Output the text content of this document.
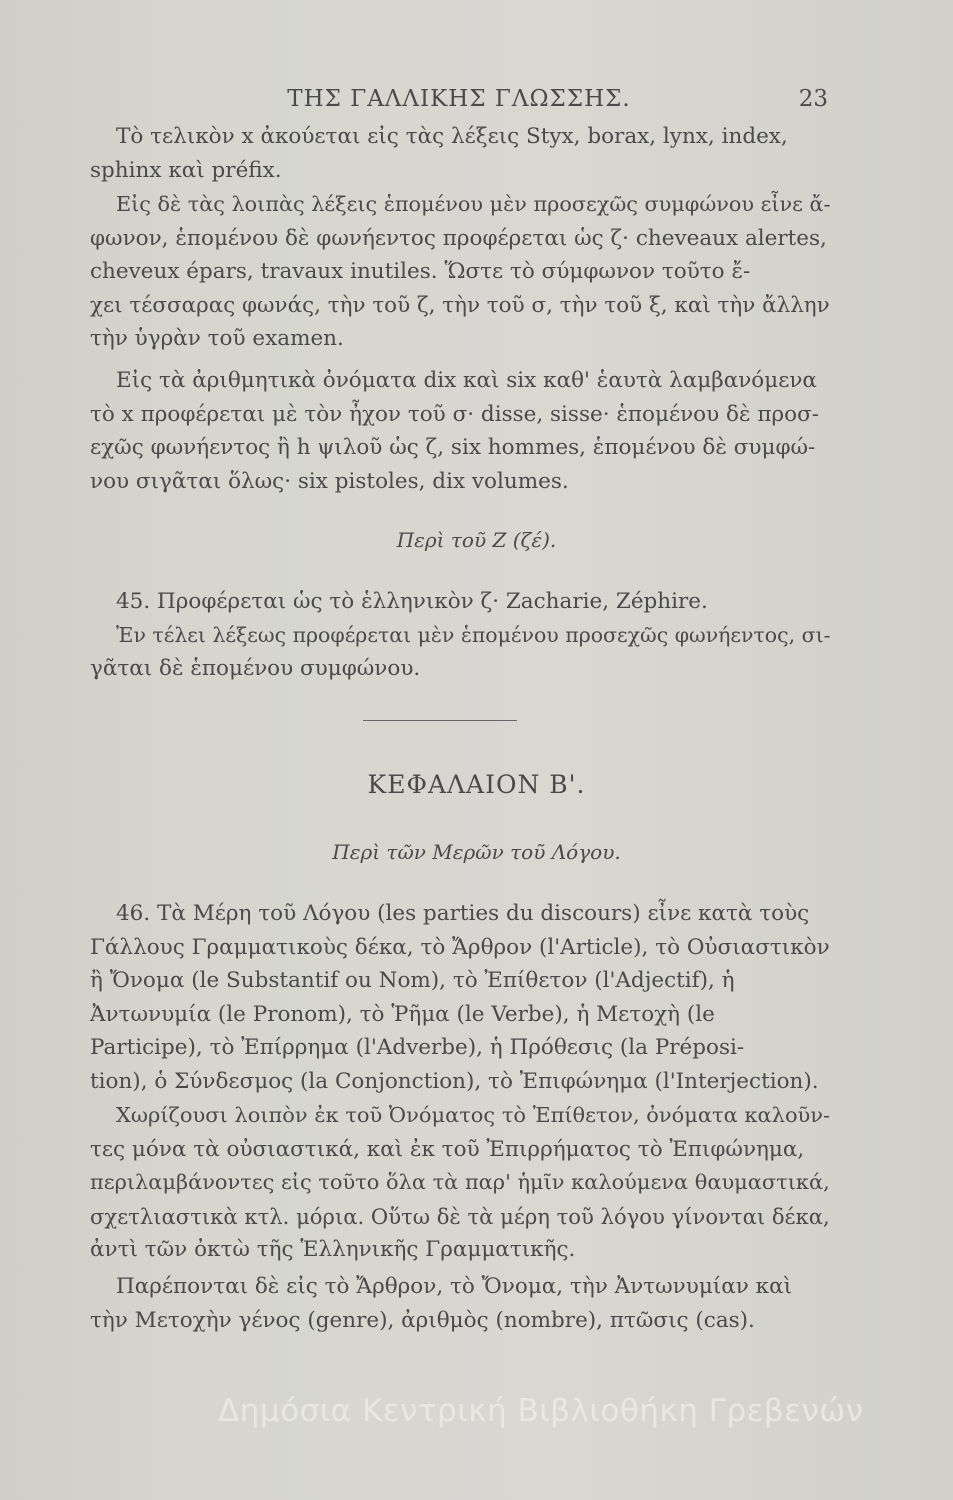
ΤΗΣ ΓΑΛΛΙΚΗΣ ΓΛΩΣΣΗΣ.	23
Τὸ τελικὸν x ἀκούεται εἰς τὰς λέξεις Styx, borax, lynx, index,
sphinx καὶ préfix.
Εἰς δὲ τὰς λοιπὰς λέξεις ἑπομένου μὲν προσεχῶς συμφώνου εἶνε ἄ-
φωνον, ἑπομένου δὲ φωνήεντος προφέρεται ὡς ζ· cheveaux alertes,
cheveux épars, travaux inutiles. Ὥστε τὸ σύμφωνον τοῦτο ἔ-
χει τέσσαρας φωνάς, τὴν τοῦ ζ, τὴν τοῦ σ, τὴν τοῦ ξ, καὶ τὴν ἄλλην
τὴν ὑγρὰν τοῦ examen.
Εἰς τὰ ἀριθμητικὰ ὀνόματα dix καὶ six καθ' ἑαυτὰ λαμβανόμενα
τὸ x προφέρεται μὲ τὸν ἦχον τοῦ σ· disse, sisse· ἑπομένου δὲ προσ-
εχῶς φωνήεντος ἢ h ψιλοῦ ὡς ζ, six hommes, ἑπομένου δὲ συμφώ-
νου σιγᾶται ὅλως· six pistoles, dix volumes.
Περὶ τοῦ Ζ (ζέ).
45. Προφέρεται ὡς τὸ ἑλληνικὸν ζ· Zacharie, Zéphire.
Ἐν τέλει λέξεως προφέρεται μὲν ἑπομένου προσεχῶς φωνήεντος, σι-
γᾶται δὲ ἑπομένου συμφώνου.
ΚΕΦΑΛΑΙΟΝ Β'.
Περὶ τῶν Μερῶν τοῦ Λόγου.
46. Τὰ Μέρη τοῦ Λόγου (les parties du discours) εἶνε κατὰ τοὺς
Γάλλους Γραμματικοὺς δέκα, τὸ Ἄρθρον (l'Article), τὸ Οὐσιαστικὸν
ἢ Ὄνομα (le Substantif ou Nom), τὸ Ἐπίθετον (l'Adjectif), ἡ
Ἀντωνυμία (le Pronom), τὸ Ῥῆμα (le Verbe), ἡ Μετοχὴ (le
Participe), τὸ Ἐπίρρημα (l'Adverbe), ἡ Πρόθεσις (la Préposi-
tion), ὁ Σύνδεσμος (la Conjonction), τὸ Ἐπιφώνημα (l'Interjection).
Χωρίζουσι λοιπὸν ἐκ τοῦ Ὀνόματος τὸ Ἐπίθετον, ὀνόματα καλοῦν-
τες μόνα τὰ οὐσιαστικά, καὶ ἐκ τοῦ Ἐπιρρήματος τὸ Ἐπιφώνημα,
περιλαμβάνοντες εἰς τοῦτο ὅλα τὰ παρ' ἡμῖν καλούμενα θαυμαστικά,
σχετλιαστικὰ κτλ. μόρια. Οὕτω δὲ τὰ μέρη τοῦ λόγου γίνονται δέκα,
ἀντὶ τῶν ὀκτὼ τῆς Ἑλληνικῆς Γραμματικῆς.
Παρέπονται δὲ εἰς τὸ Ἄρθρον, τὸ Ὄνομα, τὴν Ἀντωνυμίαν καὶ
τὴν Μετοχὴν γένος (genre), ἀριθμὸς (nombre), πτῶσις (cas).
Δημόσια Κεντρική Βιβλιοθήκη Γρεβενών
